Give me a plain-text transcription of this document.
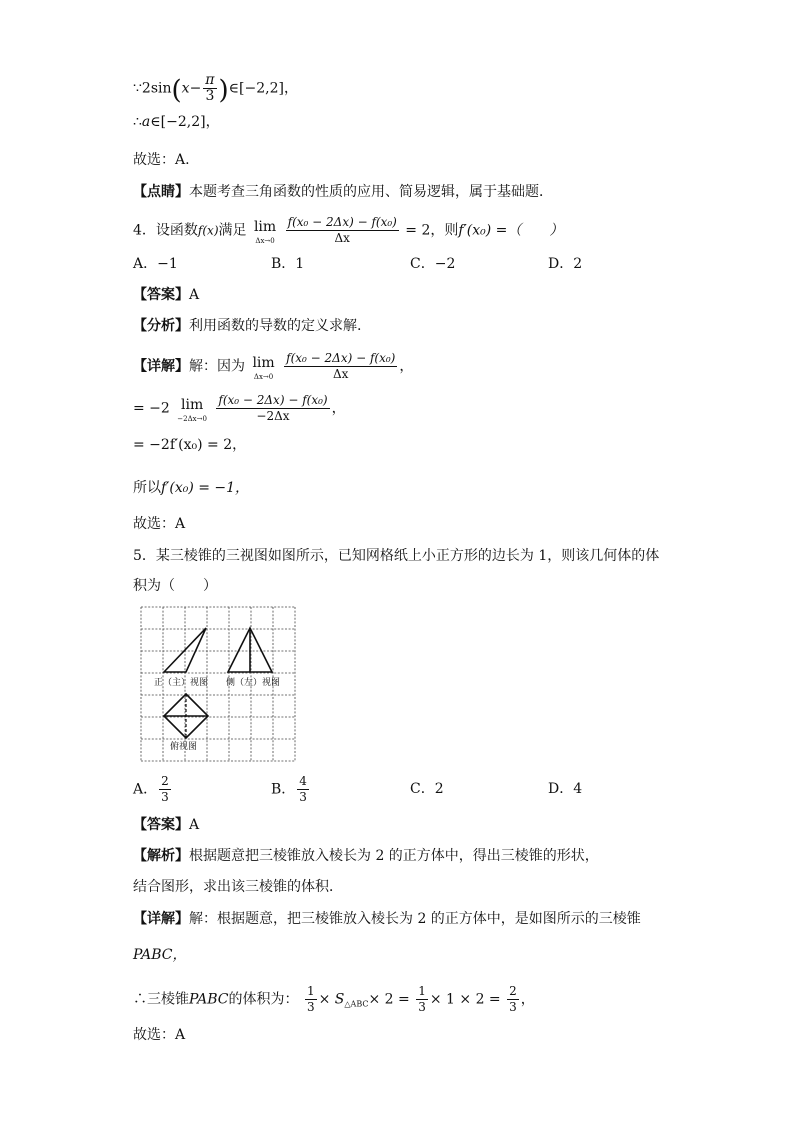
∵2sin(x− $\frac{\pi}{3}$ )∈[−2,2]，
∴a∈[−2,2]，
故选：A.
【点睛】本题考查三角函数的性质的应用、简易逻辑，属于基础题．
4．设函数f(x)满足 lim
Δx→0
$\frac{\text{f(x₀ − 2Δx) − f(x₀)}}{\Delta x} = 2$，则f′(x₀) =（　　）
A．−1	B．1	C．−2	D．2
【答案】A
【分析】利用函数的导数的定义求解.
【详解】解：因为 lim
Δx→0
$\frac{\text{f(x₀ − 2Δx) − f(x₀)}}{\Delta x}$ ，
= −2 lim
−2Δx→0
$\frac{\text{f(x₀ − 2Δx) − f(x₀)}}{-2\Delta x}$ ，
= −2f′(x₀) = 2，
所以f′(x₀) = −1，
故选：A
5．某三棱锥的三视图如图所示，已知网格纸上小正方形的边长为 1，则该几何体的体
积为（　　）
正（主）视图 侧（左）视图
俯视图
A． $\frac{2}{3}$	B． $\frac{4}{3}$	C．2	D．4
【答案】A
【解析】根据题意把三棱锥放入棱长为 2 的正方体中，得出三棱锥的形状，
结合图形，求出该三棱锥的体积．
【详解】解：根据题意，把三棱锥放入棱长为 2 的正方体中，是如图所示的三棱锥
PABC，
∴三棱锥PABC的体积为： $\frac{1}{3} \times S_{\triangle ABC}\times 2 = \frac{1}{3} \times 1 \times 2 = \frac{2}{3}$ ，
故选：A
